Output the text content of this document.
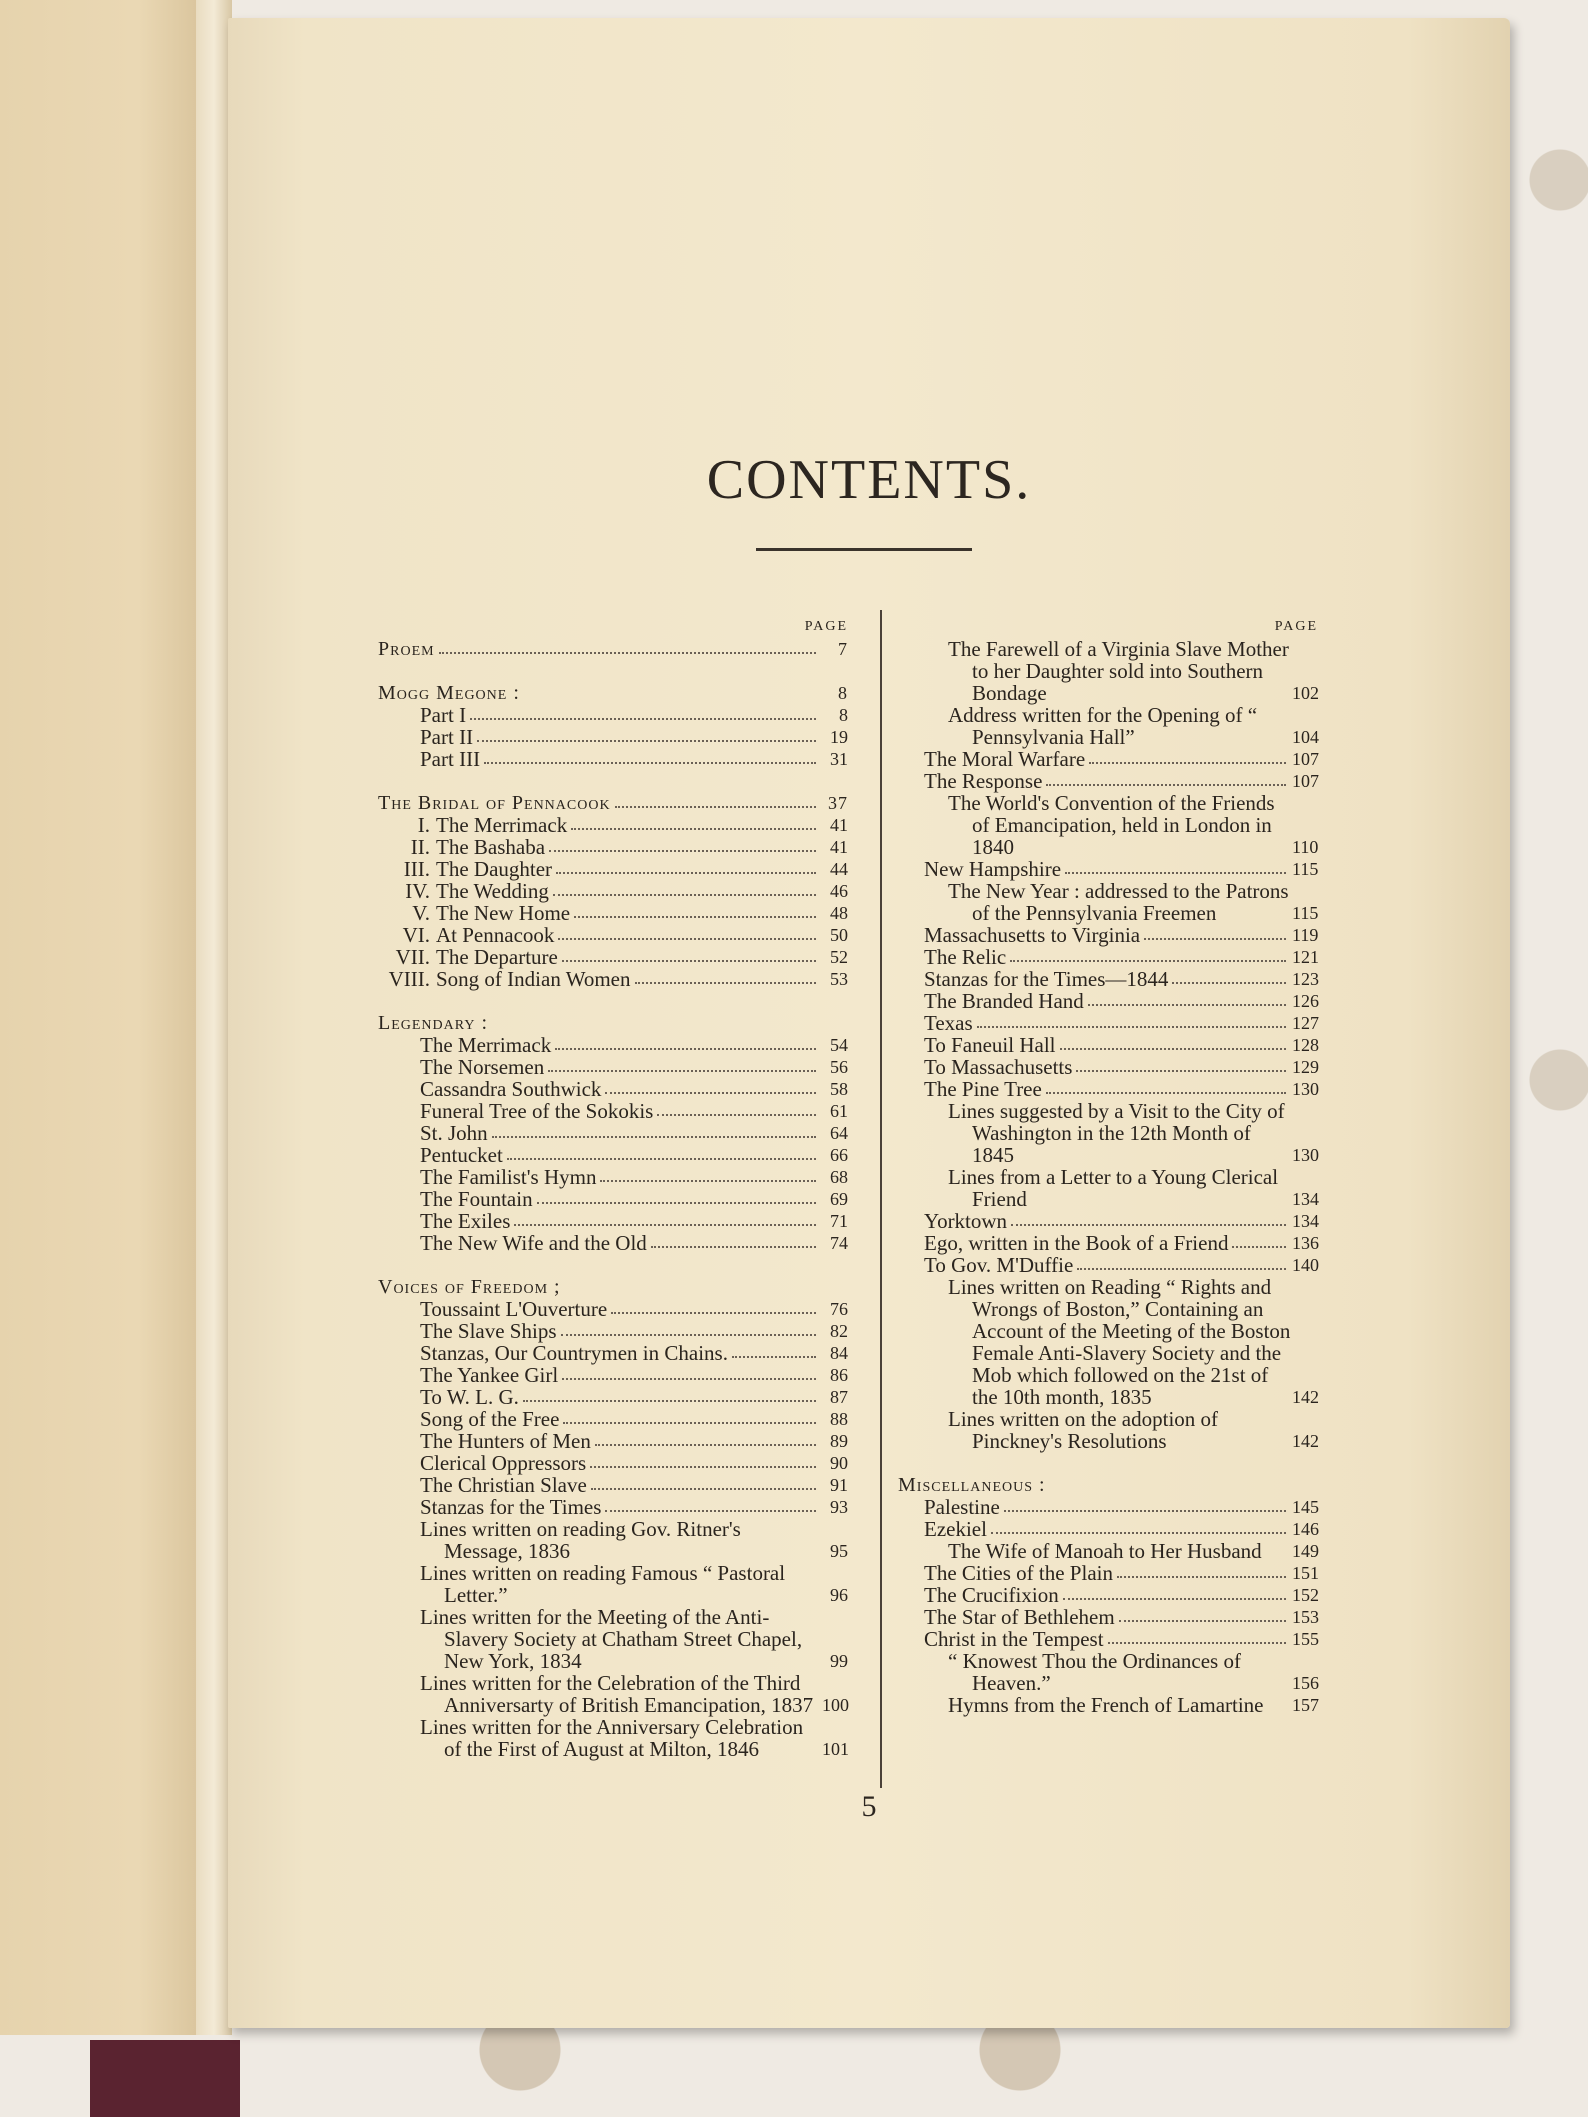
CONTENTS.
PAGE
Proem	7
Mogg Megone :	8
Part I	8
Part II	19
Part III	31
The Bridal of Pennacook	37
I. The Merrimack	41
II. The Bashaba	41
III. The Daughter	44
IV. The Wedding	46
V. The New Home	48
VI. At Pennacook	50
VII. The Departure	52
VIII. Song of Indian Women	53
Legendary :
The Merrimack	54
The Norsemen	56
Cassandra Southwick	58
Funeral Tree of the Sokokis	61
St. John	64
Pentucket	66
The Familist's Hymn	68
The Fountain	69
The Exiles	71
The New Wife and the Old	74
Voices of Freedom ;
Toussaint L'Ouverture	76
The Slave Ships	82
Stanzas, Our Countrymen in Chains.	84
The Yankee Girl	86
To W. L. G.	87
Song of the Free	88
The Hunters of Men	89
Clerical Oppressors	90
The Christian Slave	91
Stanzas for the Times	93
Lines written on reading Gov. Ritner's Message, 1836	95
Lines written on reading Famous “ Pastoral Letter.”	96
Lines written for the Meeting of the Anti-Slavery Society at Chatham Street Chapel, New York, 1834	99
Lines written for the Celebration of the Third Anniversarty of British Emancipation, 1837 100
Lines written for the Anniversary Celebration of the First of August at Milton, 1846	101
PAGE
The Farewell of a Virginia Slave Mother to her Daughter sold into Southern Bondage	102
Address written for the Opening of “ Pennsylvania Hall”	104
The Moral Warfare	107
The Response	107
The World's Convention of the Friends of Emancipation, held in London in 1840	110
New Hampshire	115
The New Year : addressed to the Patrons of the Pennsylvania Freemen	115
Massachusetts to Virginia	119
The Relic	121
Stanzas for the Times—1844	123
The Branded Hand	126
Texas	127
To Faneuil Hall	128
To Massachusetts	129
The Pine Tree	130
Lines suggested by a Visit to the City of Washington in the 12th Month of 1845	130
Lines from a Letter to a Young Clerical Friend	134
Yorktown	134
Ego, written in the Book of a Friend	136
To Gov. M'Duffie	140
Lines written on Reading “ Rights and Wrongs of Boston,” Containing an Account of the Meeting of the Boston Female Anti-Slavery Society and the Mob which followed on the 21st of the 10th month, 1835	142
Lines written on the adoption of Pinckney's Resolutions	142
Miscellaneous :
Palestine	145
Ezekiel	146
The Wife of Manoah to Her Husband	149
The Cities of the Plain	151
The Crucifixion	152
The Star of Bethlehem	153
Christ in the Tempest	155
“ Knowest Thou the Ordinances of Heaven.”	156
Hymns from the French of Lamartine	157
5
